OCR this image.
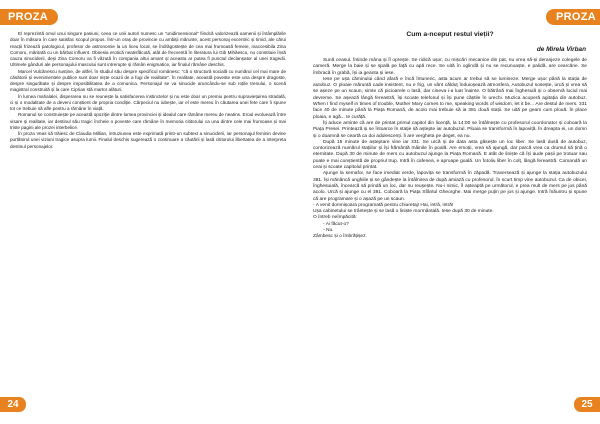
PROZA

El reprezintă omul unui singure pasiuni, ceea ce unii autori numesc un "unidimensional" fiindcă valorizează oamenii și întâmplările doar în măsura în care satisfac scopul propus. Într-un oraș de provincie cu ambiții mărunte, acest personaj excentric și timid, ale cărui reacții frizează patologicul, profesor de astronomie la un liceu local, se îndrăgostește de cea mai frumoasă femeie, inaccesibila Zina Comoru, măritată cu un bărbat influent. Obsesia erotică neatisfăcută, atât de frecventă în literatura lui Gib Mihăescu, nu constituie însă cauza sinuciderii, deși Zina Comoru va fi văzută în compania altui amant și aceasta ar putea fi punctul declanșator al unei tragedii. Ultimele gânduri ale personajului mascului sunt intrerupte și rămân enigmatice, iar finalul rămâne deschis.

Marcel Vulcănescu susține, de altfel, în studiul său despre specificul românesc: "că o structură socială cu numărul cel mai mare de căsătorii și evenimentele publice sunt doar niște ocazii de a fugi de realitate". În realitate, această poveste este una despre dragoste, despre singurătate și despre imposibilitatea de a comunica. Personajul se va sinucide aruncându-se sub roțile trenului, o scenă magistral construită și la care Ciprian stă martor alături.

În lumea mahalalei, disperarea nu se reunește la satisfacerea instinctelor și nu este doar un premiu pentru supraviețuirea stradală, ci și o modalitate de a deveni conștient de propria condiție. Cărpeciul nu iubește, iar el este mereu în căutarea unei fete care îi spune tot ce trebuie să afle pentru a rămâne în viață.

Romanul se construiește pe această opoziție dintre lumea provinciei și idealul care rămâne mereu de neatins. Eroul evoluează între visare și realitate, iar destinul său tragic încheie o poveste care rămâne în memoria cititorului ca una dintre cele mai frumoase și mai triste pagini ale prozei interbelice.

În proza Veas să trăiesc de Claudia Millian, intruziunea este exprimată printr-un subtext a sinuciderii, iar personajul feminin devine purtătorul unei viziuni tragice asupra lumii. Finalul deschis sugerează o continuare a căutării și lasă cititorului libertatea de a interpreta destinul personajelor.

24
PROZA
Cum a-nceput restul vieții?
de Mirela Virban

Sună ceasul. Întinde mâna și îl oprește. Se ridică ușor, cu mișcări mecanice din pat, nu vrea să-și deranjeze colegele de cameră. Merge la baie și se spală pe față cu apă rece. Se uită în oglindă și nu se recunoaște, e palidă, are cearcăne. Se îmbracă în grabă, își ia geanta și iese.

Iese pe ușa căminului când afară e încă întuneric, asta acum ar trebui să se lumineze. Merge ușor până la stația de autobuz. O ploaie măruntă cade insistent, nu e frig, un vânt călduț înduioșează atmosfera. Autobuzul sosește, urcă și vrea să se așeze pe un scaun, simte că picioarele o lasă, dar cineva i-a luat înainte. O bătrână mai înghesuiă și o observă luciul mai devreme. Se așează lângă fereastră, își scoate telefonul și își pune căștile în urechi. Muzica acoperă agitația din autobuz. When I find myself in times of trouble, Mother Mary comes to me, speaking words of wisdom, let it be... Are destul de mers. 331 face 40 de minute până la Piața Romană, de acolo mai trebuie să ia 381 două stații. Se uită pe geam cum plouă. În place ploaia, e agă... te curăță.

Îți aduce aminte că are de printat primul capitol din licență, la 14:00 se întâlnește cu profesorul coordonator și coboară la Piața Presei. Printează și se întoarce în stație să aștepte iar autobuzul. Ploaia se transformă în lapoviță. În dreapta ei, un domn și o doamnă se ceartă ca doi adolescenți. Îi are vergheta pe deget, ea nu.

După 15 minute de așteptare vine iar 331. Se urcă și de data asta găsește un loc liber. Se lasă dusă de autobuz, contorizează numărul stațiilor și își frământă mâinile în poală. Are emoții, vrea să ajungă, dar parcă vrea ca drumul să țină o eternitate. După 30 de minute de mers cu autobuzul ajunge la Piața Romană. E atât de liniște că își aude pașii pe trotuar sau poate e mai conștientă de propriul trup. Intră în cafenea, e aproape goală. Un fotoliu liber în colț, lângă fereastră. Comandă un ceai și scoate capitolul printat.

Ajunge la semafor, se face imediat verde, lapovița se transformă în zăpadă. Traversează și ajunge la stația autobuzului 381. Își mănâncă unghiile și se gândește la întâlnirea de după amiază cu profesorul. În scurt timp vine autobuzul. Ca de obicei, înghesuială, încearcă să prindă un loc, dar nu reușește. Nu-i nimic, îl așteaptă pe următorul, e prea mult de mers pe jos până acolo. Urcă și ajunge cu el 381. Coboară la Piața Sfântul Gheorghe. Mai merge puțin pe jos și ajunge. Intră înăuntru și spune că are programare și o așază pe un scaun.

- A venit domnișoara programată pentru chiuretaj! Hai, intră, intră!

Ușa cabinetului se trântește și se lasă o liniște mormântală. Iese după 30 de minute.

O întreb neîmpăcită:

- Ai făcut-o?

- Nu.

Zâmbesc și o îmbrățișez.

25
